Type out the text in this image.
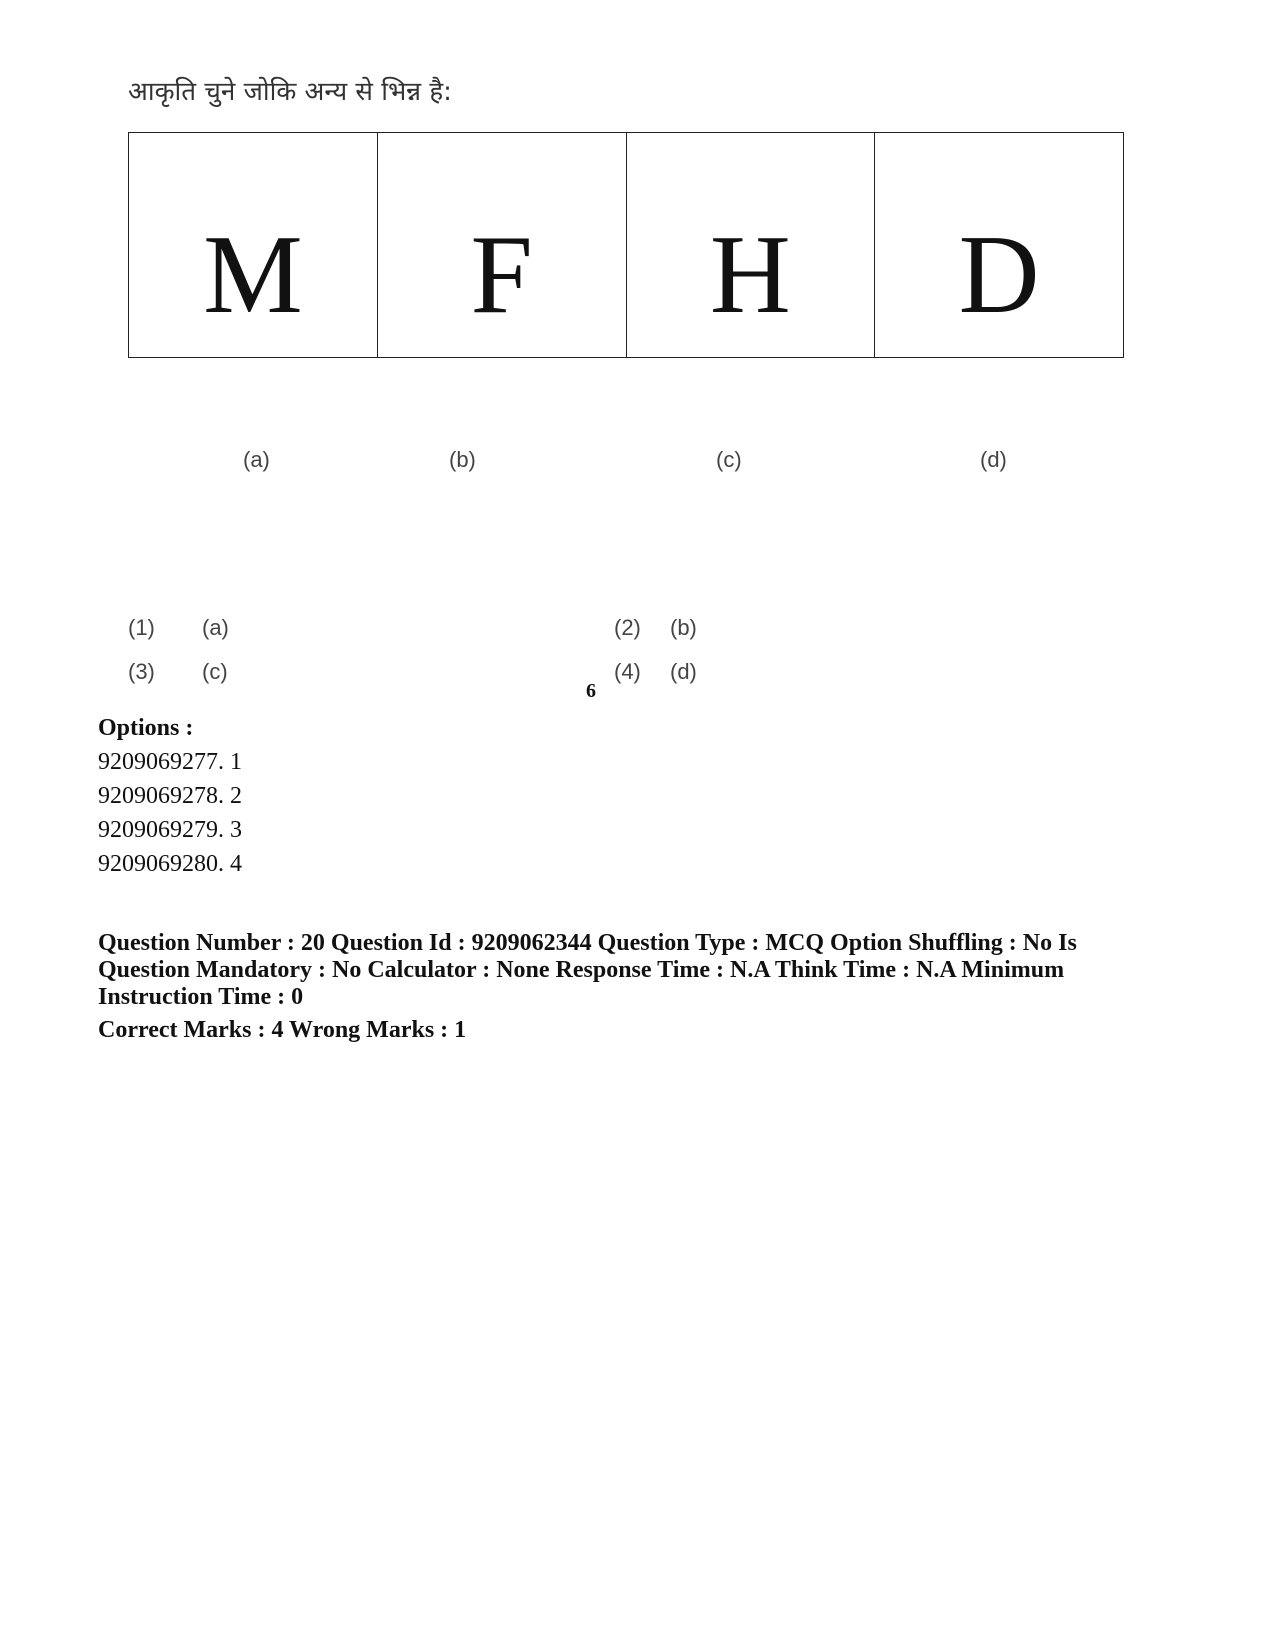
आकृति चुने जोकि अन्य से भिन्न है:
M F H D
(a)	(b)	(c)	(d)
(1) (a)	(2) (b)
(3) (c)	(4) (d)
6
Options :
9209069277. 1
9209069278. 2
9209069279. 3
9209069280. 4
Question Number : 20 Question Id : 9209062344 Question Type : MCQ Option Shuffling : No Is Question Mandatory : No Calculator : None Response Time : N.A Think Time : N.A Minimum Instruction Time : 0
Correct Marks : 4 Wrong Marks : 1
